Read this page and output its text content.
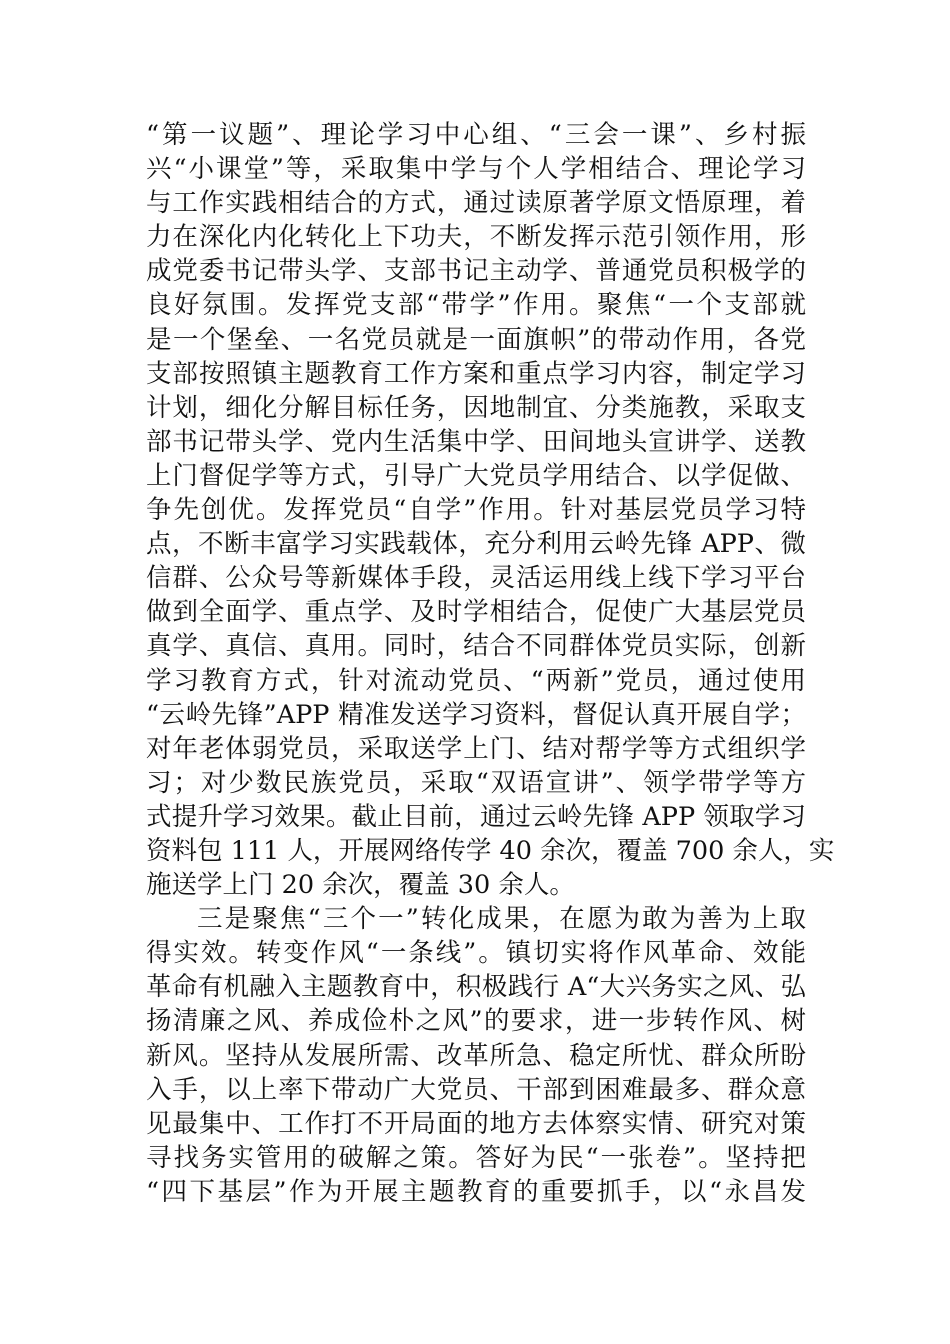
“第一议题”、理论学习中心组、“三会一课”、乡村振
兴“小课堂”等，采取集中学与个人学相结合、理论学习
与工作实践相结合的方式，通过读原著学原文悟原理，着
力在深化内化转化上下功夫，不断发挥示范引领作用，形
成党委书记带头学、支部书记主动学、普通党员积极学的
良好氛围。发挥党支部“带学”作用。聚焦“一个支部就
是一个堡垒、一名党员就是一面旗帜”的带动作用，各党
支部按照镇主题教育工作方案和重点学习内容，制定学习
计划，细化分解目标任务，因地制宜、分类施教，采取支
部书记带头学、党内生活集中学、田间地头宣讲学、送教
上门督促学等方式，引导广大党员学用结合、以学促做、
争先创优。发挥党员“自学”作用。针对基层党员学习特
点，不断丰富学习实践载体，充分利用云岭先锋 APP、微
信群、公众号等新媒体手段，灵活运用线上线下学习平台
做到全面学、重点学、及时学相结合，促使广大基层党员
真学、真信、真用。同时，结合不同群体党员实际，创新
学习教育方式，针对流动党员、“两新”党员，通过使用
“云岭先锋”APP 精准发送学习资料，督促认真开展自学；
对年老体弱党员，采取送学上门、结对帮学等方式组织学
习；对少数民族党员，采取“双语宣讲”、领学带学等方
式提升学习效果。截止目前，通过云岭先锋 APP 领取学习
资料包 111 人，开展网络传学 40 余次，覆盖 700 余人，实
施送学上门 20 余次，覆盖 30 余人。
三是聚焦“三个一”转化成果，在愿为敢为善为上取
得实效。转变作风“一条线”。镇切实将作风革命、效能
革命有机融入主题教育中，积极践行 A“大兴务实之风、弘
扬清廉之风、养成俭朴之风”的要求，进一步转作风、树
新风。坚持从发展所需、改革所急、稳定所忧、群众所盼
入手，以上率下带动广大党员、干部到困难最多、群众意
见最集中、工作打不开局面的地方去体察实情、研究对策
寻找务实管用的破解之策。答好为民“一张卷”。坚持把
“四下基层”作为开展主题教育的重要抓手，以“永昌发
